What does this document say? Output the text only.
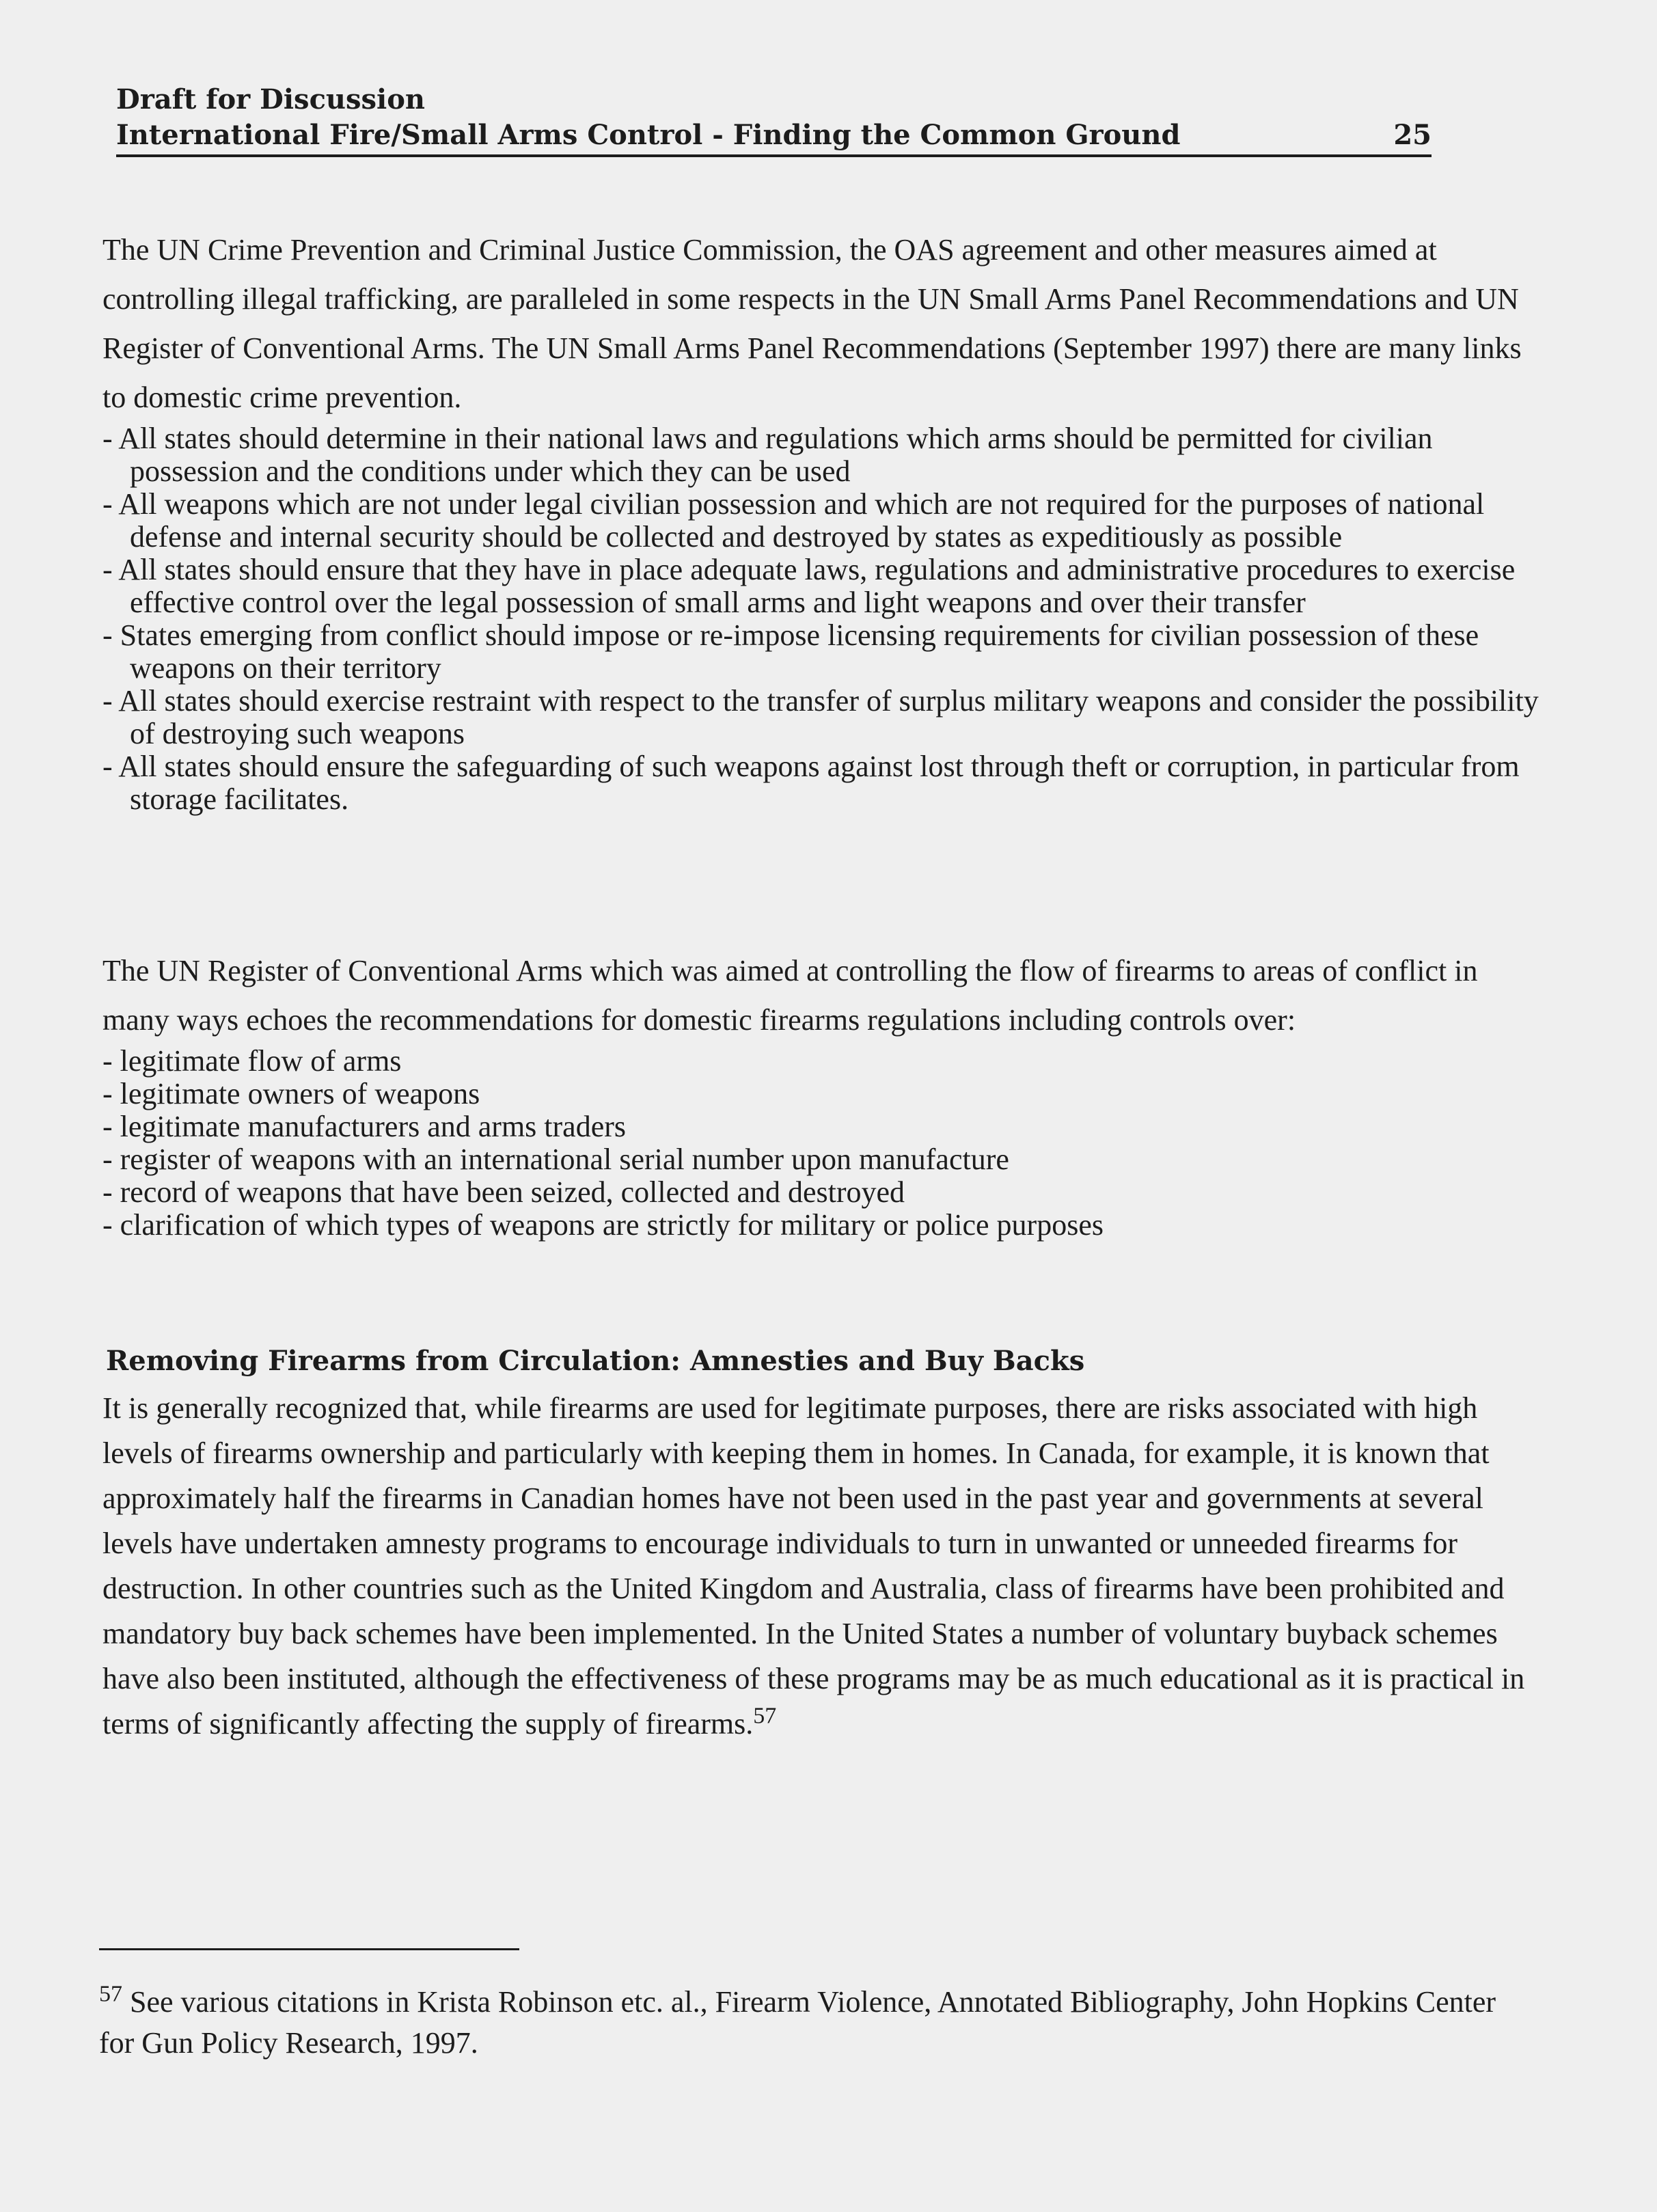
Draft for Discussion
International Fire/Small Arms Control - Finding the Common Ground	25

The UN Crime Prevention and Criminal Justice Commission, the OAS agreement and other measures aimed at controlling illegal trafficking, are paralleled in some respects in the UN Small Arms Panel Recommendations and UN Register of Conventional Arms. The UN Small Arms Panel Recommendations (September 1997) there are many links to domestic crime prevention.

- All states should determine in their national laws and regulations which arms should be permitted for civilian possession and the conditions under which they can be used
- All weapons which are not under legal civilian possession and which are not required for the purposes of national defense and internal security should be collected and destroyed by states as expeditiously as possible
- All states should ensure that they have in place adequate laws, regulations and administrative procedures to exercise effective control over the legal possession of small arms and light weapons and over their transfer
- States emerging from conflict should impose or re-impose licensing requirements for civilian possession of these weapons on their territory
- All states should exercise restraint with respect to the transfer of surplus military weapons and consider the possibility of destroying such weapons
- All states should ensure the safeguarding of such weapons against lost through theft or corruption, in particular from storage facilitates.

The UN Register of Conventional Arms which was aimed at controlling the flow of firearms to areas of conflict in many ways echoes the recommendations for domestic firearms regulations including controls over:

- legitimate flow of arms
- legitimate owners of weapons
- legitimate manufacturers and arms traders
- register of weapons with an international serial number upon manufacture
- record of weapons that have been seized, collected and destroyed
- clarification of which types of weapons are strictly for military or police purposes
Removing Firearms from Circulation: Amnesties and Buy Backs

It is generally recognized that, while firearms are used for legitimate purposes, there are risks associated with high levels of firearms ownership and particularly with keeping them in homes. In Canada, for example, it is known that approximately half the firearms in Canadian homes have not been used in the past year and governments at several levels have undertaken amnesty programs to encourage individuals to turn in unwanted or unneeded firearms for destruction. In other countries such as the United Kingdom and Australia, class of firearms have been prohibited and mandatory buy back schemes have been implemented. In the United States a number of voluntary buyback schemes have also been instituted, although the effectiveness of these programs may be as much educational as it is practical in terms of significantly affecting the supply of firearms.$^{57}$

$^{57}$ See various citations in Krista Robinson etc. al., Firearm Violence, Annotated Bibliography, John Hopkins Center for Gun Policy Research, 1997.
